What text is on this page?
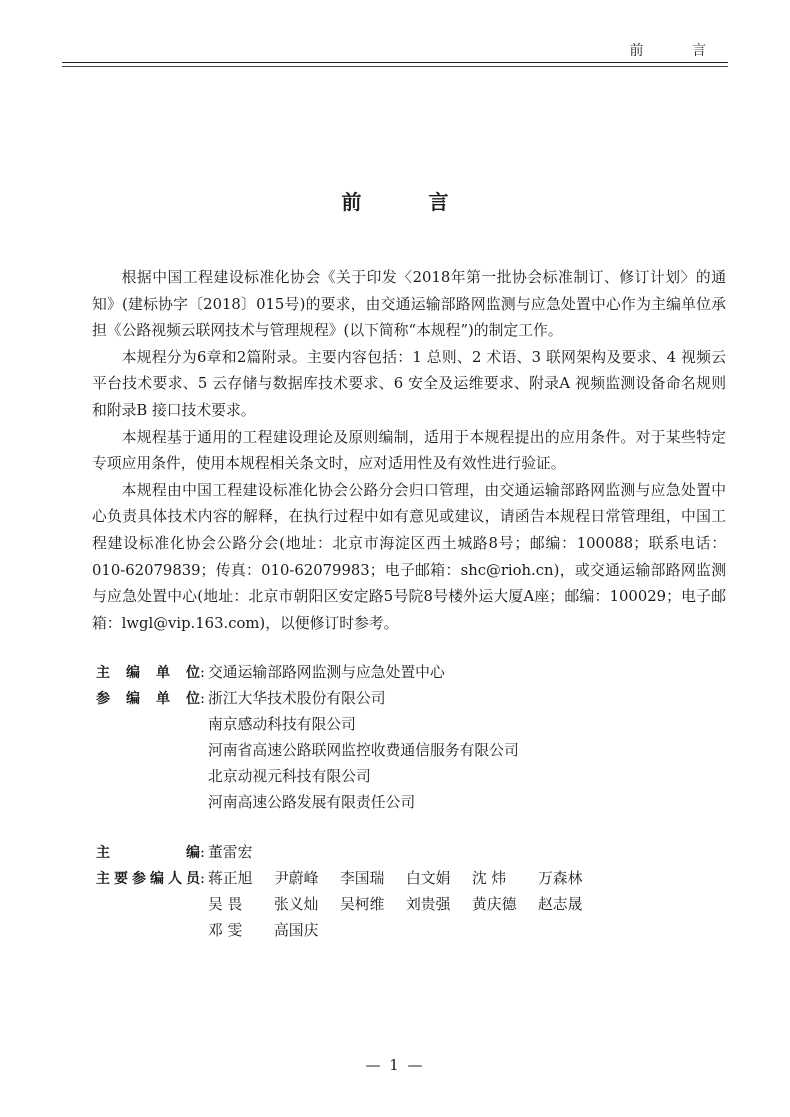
前 言
前 言

根据中国工程建设标准化协会《关于印发〈2018年第一批协会标准制订、修订计划〉的通知》(建标协字〔2018〕015号)的要求，由交通运输部路网监测与应急处置中心作为主编单位承担《公路视频云联网技术与管理规程》(以下简称“本规程”)的制定工作。

本规程分为6章和2篇附录。主要内容包括：1 总则、2 术语、3 联网架构及要求、4 视频云平台技术要求、5 云存储与数据库技术要求、6 安全及运维要求、附录A 视频监测设备命名规则和附录B 接口技术要求。

本规程基于通用的工程建设理论及原则编制，适用于本规程提出的应用条件。对于某些特定专项应用条件，使用本规程相关条文时，应对适用性及有效性进行验证。

本规程由中国工程建设标准化协会公路分会归口管理，由交通运输部路网监测与应急处置中心负责具体技术内容的解释，在执行过程中如有意见或建议，请函告本规程日常管理组，中国工程建设标准化协会公路分会(地址：北京市海淀区西土城路8号；邮编：100088；联系电话：010-62079839；传真：010-62079983；电子邮箱：shc@rioh.cn)，或交通运输部路网监测与应急处置中心(地址：北京市朝阳区安定路5号院8号楼外运大厦A座；邮编：100029；电子邮箱：lwgl@vip.163.com)，以便修订时参考。

主编单位 : 交通运输部路网监测与应急处置中心
参编单位 : 浙江大华技术股份有限公司
南京感动科技有限公司
河南省高速公路联网监控收费通信服务有限公司
北京动视元科技有限公司
河南高速公路发展有限责任公司
主编 : 董雷宏
主要参编人员 : 蒋正旭	尹蔚峰	李国瑞	白文娟	沈 炜	万森林
吴 畏	张义灿	吴柯维	刘贵强	黄庆德	赵志晟
邓 雯	高国庆
— 1 —
